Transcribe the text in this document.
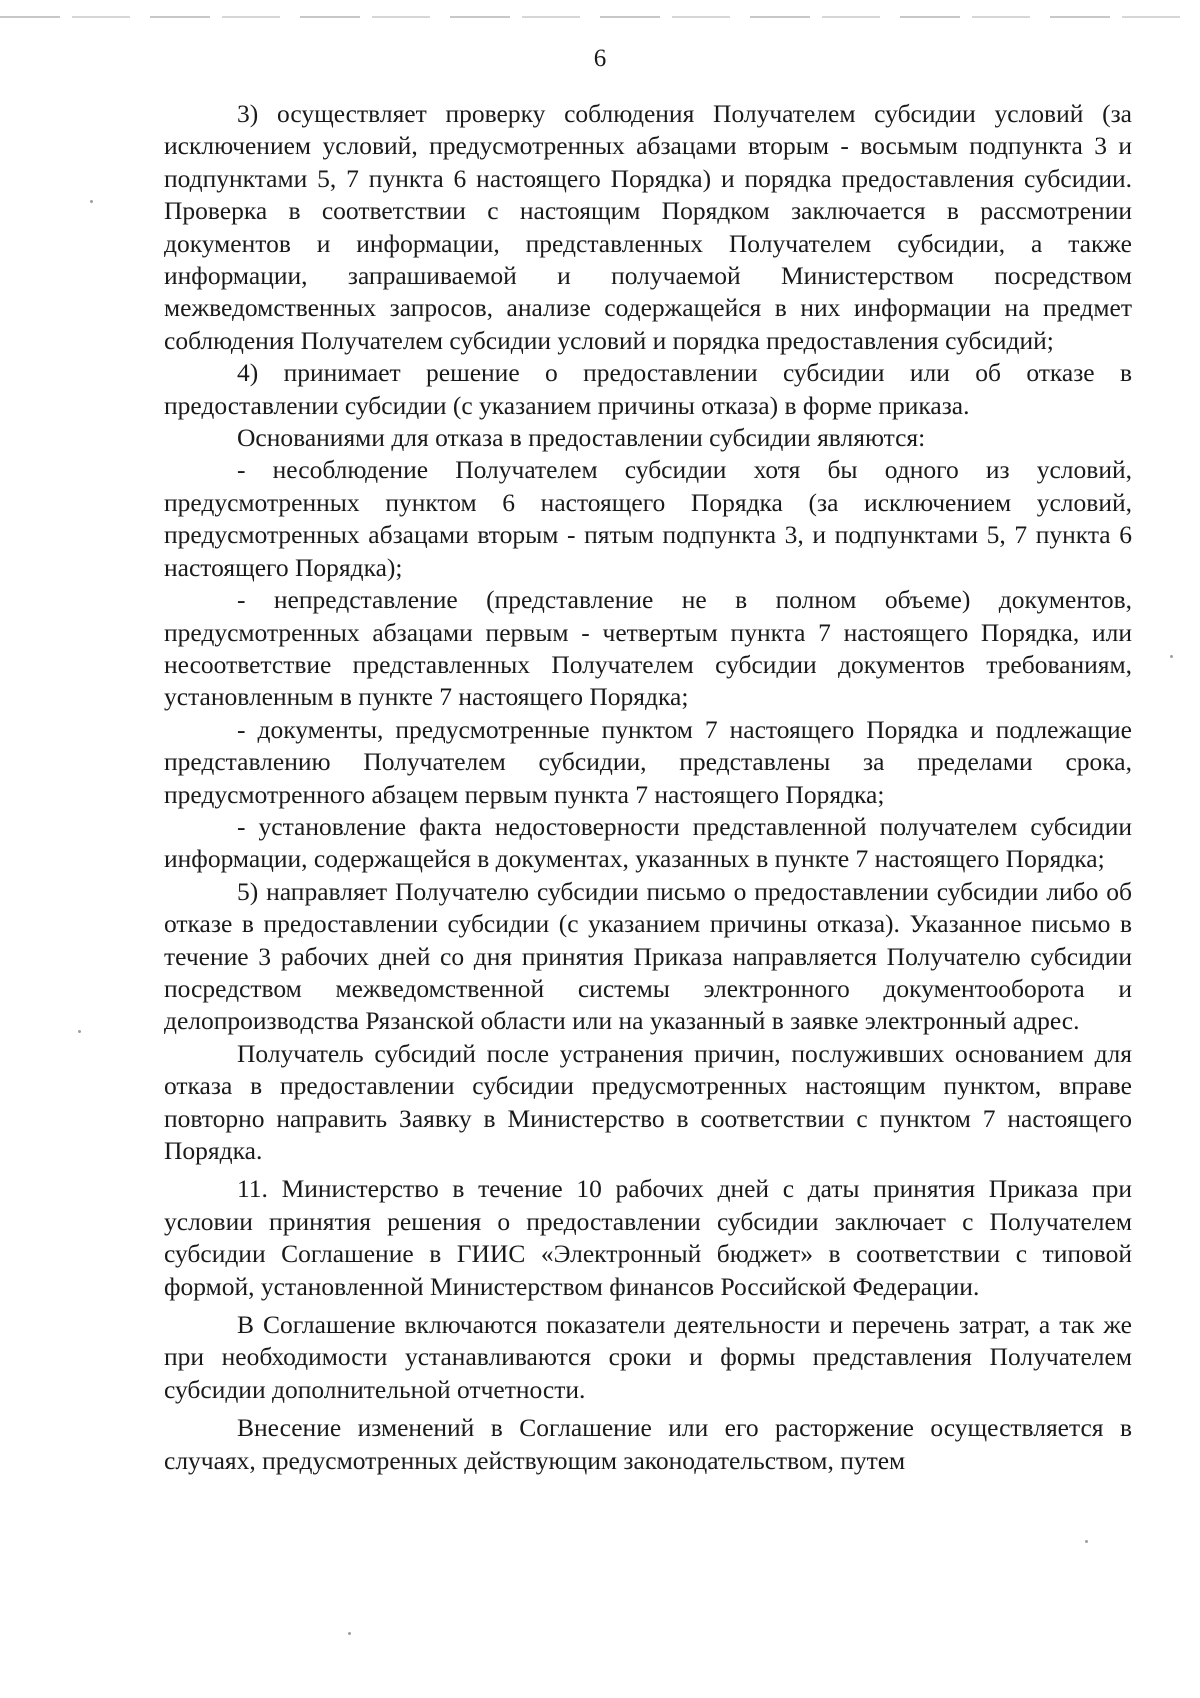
6

3) осуществляет проверку соблюдения Получателем субсидии условий (за исключением условий, предусмотренных абзацами вторым - восьмым подпункта 3 и подпунктами 5, 7 пункта 6 настоящего Порядка) и порядка предоставления субсидии. Проверка в соответствии с настоящим Порядком заключается в рассмотрении документов и информации, представленных Получателем субсидии, а также информации, запрашиваемой и получаемой Министерством посредством межведомственных запросов, анализе содержащейся в них информации на предмет соблюдения Получателем субсидии условий и порядка предоставления субсидий;

4) принимает решение о предоставлении субсидии или об отказе в предоставлении субсидии (с указанием причины отказа) в форме приказа.

Основаниями для отказа в предоставлении субсидии являются:

- несоблюдение Получателем субсидии хотя бы одного из условий, предусмотренных пунктом 6 настоящего Порядка (за исключением условий, предусмотренных абзацами вторым - пятым подпункта 3, и подпунктами 5, 7 пункта 6 настоящего Порядка);

- непредставление (представление не в полном объеме) документов, предусмотренных абзацами первым - четвертым пункта 7 настоящего Порядка, или несоответствие представленных Получателем субсидии документов требованиям, установленным в пункте 7 настоящего Порядка;

- документы, предусмотренные пунктом 7 настоящего Порядка и подлежащие представлению Получателем субсидии, представлены за пределами срока, предусмотренного абзацем первым пункта 7 настоящего Порядка;

- установление факта недостоверности представленной получателем субсидии информации, содержащейся в документах, указанных в пункте 7 настоящего Порядка;

5) направляет Получателю субсидии письмо о предоставлении субсидии либо об отказе в предоставлении субсидии (с указанием причины отказа). Указанное письмо в течение 3 рабочих дней со дня принятия Приказа направляется Получателю субсидии посредством межведомственной системы электронного документооборота и делопроизводства Рязанской области или на указанный в заявке электронный адрес.

Получатель субсидий после устранения причин, послуживших основанием для отказа в предоставлении субсидии предусмотренных настоящим пунктом, вправе повторно направить Заявку в Министерство в соответствии с пунктом 7 настоящего Порядка.

11. Министерство в течение 10 рабочих дней с даты принятия Приказа при условии принятия решения о предоставлении субсидии заключает с Получателем субсидии Соглашение в ГИИС «Электронный бюджет» в соответствии с типовой формой, установленной Министерством финансов Российской Федерации.

В Соглашение включаются показатели деятельности и перечень затрат, а так же при необходимости устанавливаются сроки и формы представления Получателем субсидии дополнительной отчетности.

Внесение изменений в Соглашение или его расторжение осуществляется в случаях, предусмотренных действующим законодательством, путем
